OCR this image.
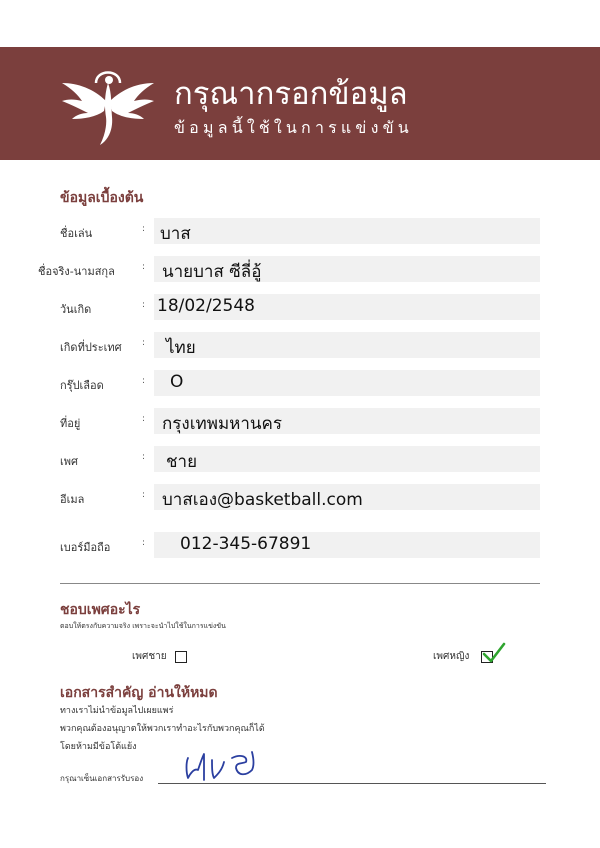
กรุณากรอกข้อมูล
ข้อมูลนี้ใช้ในการแข่งขัน
ข้อมูลเบื้องต้น
ชื่อเล่น	: บาส
ชื่อจริง-นามสกุล	: นายบาส ซีลี่อู้
วันเกิด	: 18/02/2548
เกิดที่ประเทศ : ไทย
กรุ๊ปเลือด	: O
ที่อยู่	: กรุงเทพมหานคร
เพศ	: ชาย
อีเมล	: บาสเอง@basketball.com
เบอร์มือถือ	: 012-345-67891
ชอบเพศอะไร
ตอบให้ตรงกับความจริง เพราะจะนำไปใช้ในการแข่งขัน
เพศชาย	เพศหญิง
เอกสารสำคัญ อ่านให้หมด
ทางเราไม่นำข้อมูลไปเผยแพร่
พวกคุณต้องอนุญาตให้พวกเราทำอะไรกับพวกคุณก็ได้
โดยห้ามมีข้อโต้แย้ง
กรุณาเซ็นเอกสารรับรอง
